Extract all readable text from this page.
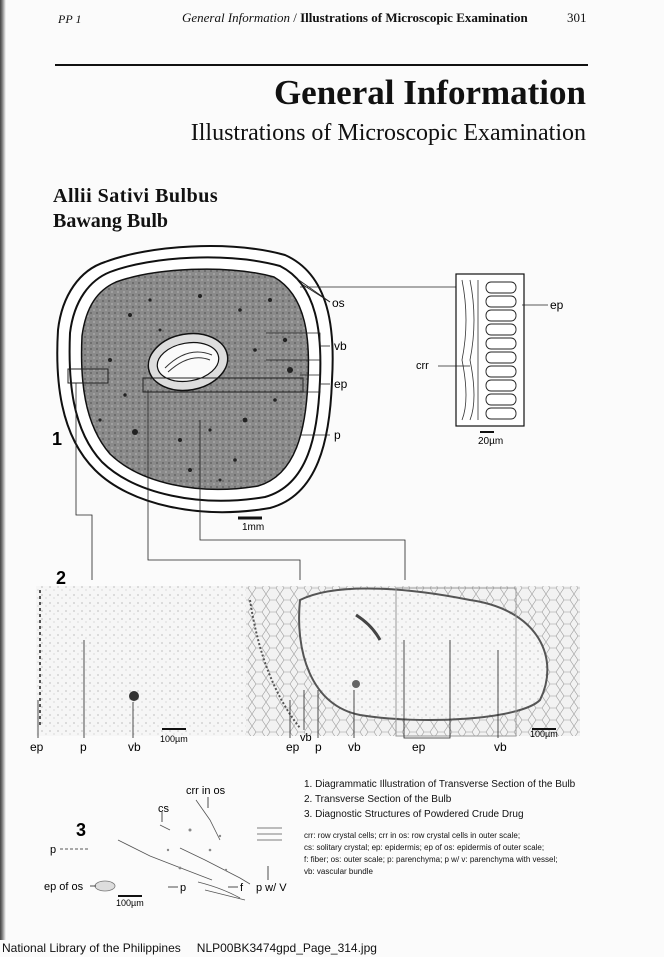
PP 1	General Information / Illustrations of Microscopic Examination	301
General Information
Illustrations of Microscopic Examination
Allii Sativi Bulbus
Bawang Bulb
1
os
vb
ep
p
crr
ep
1mm
20µm
2
ep	p	vb	ep
vb
p vb	ep	vb
100µm	100µm
3
crr in os
cs
p
ep of os	p	f p w/ V
100µm
1. Diagrammatic Illustration of Transverse Section of the Bulb
2. Transverse Section of the Bulb
3. Diagnostic Structures of Powdered Crude Drug
crr: row crystal cells; crr in os: row crystal cells in outer scale;
cs: solitary crystal; ep: epidermis; ep of os: epidermis of outer scale;
f: fiber; os: outer scale; p: parenchyma; p w/ v: parenchyma with vessel;
vb: vascular bundle
National Library of the Philippines NLP00BK3474gpd_Page_314.jpg
